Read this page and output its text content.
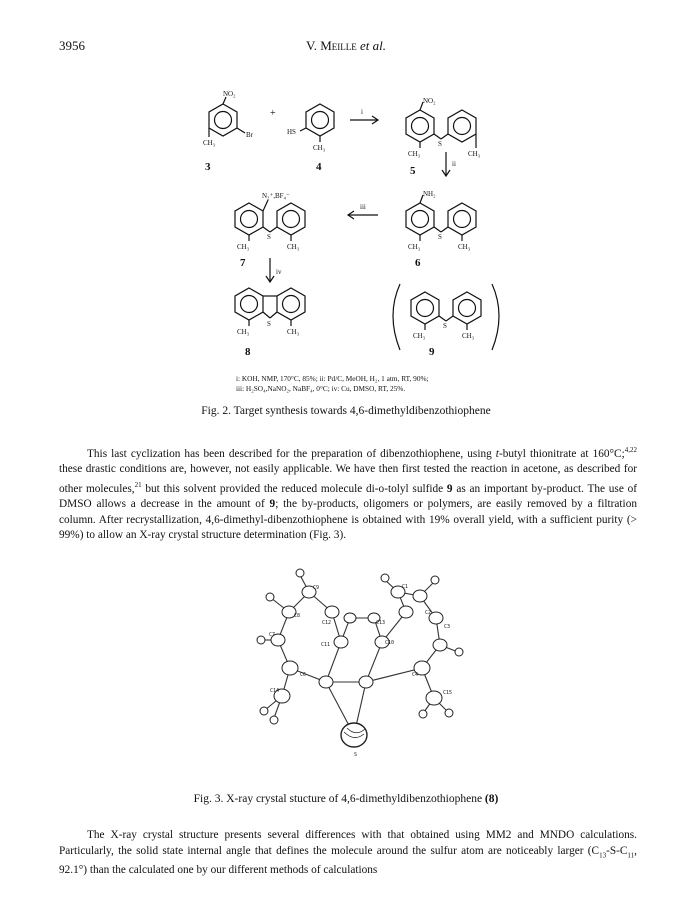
3956	V. Meille et al.
NO₂
Br
CH₃
3
+
HS
CH₃
4
i
NO₂
S
CH₃	CH₃
5
ii
NH₂
S
CH₃	CH₃
6
iii
N₂⁺,BF₄⁻
S
CH₃	CH₃
7
iv
S
CH₃	CH₃
8
S
CH₃	CH₃
9
i: KOH, NMP, 170°C, 85%; ii: Pd/C, MeOH, H₂, 1 atm, RT, 90%;
iii: H₂SO₄,NaNO₂, NaBF₄, 0°C; iv: Cu, DMSO, RT, 25%.
Fig. 2. Target synthesis towards 4,6-dimethyldibenzothiophene

This last cyclization has been described for the preparation of dibenzothiophene, using t-butyl thionitrate at 160°C;$^{4,22}$ these drastic conditions are, however, not easily applicable. We have then first tested the reaction in acetone, as described for other molecules,$^{21}$ but this solvent provided the reduced molecule di-o-tolyl sulfide 9 as an important by-product. The use of DMSO allows a decrease in the amount of 9; the by-products, oligomers or polymers, are easily removed by a filtration column. After recrystallization, 4,6-dimethyl-dibenzothiophene is obtained with 19% overall yield, with a sufficient purity (> 99%) to allow an X-ray crystal structure determination (Fig. 3).

C9	C1
C8	C2
C7
C3
C12	C13
C11	C10
C6	C4
C14	C15
S
Fig. 3. X-ray crystal stucture of 4,6-dimethyldibenzothiophene (8)

The X-ray crystal structure presents several differences with that obtained using MM2 and MNDO calculations. Particularly, the solid state internal angle that defines the molecule around the sulfur atom are noticeably larger ($C_{13}-S-C_{11}$, 92.1°) than the calculated one by our different methods of calculations
